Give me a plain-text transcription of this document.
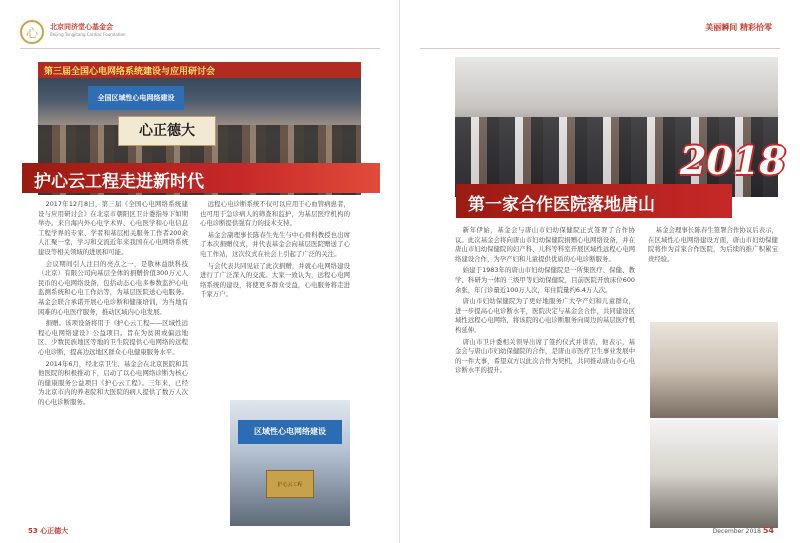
心	北京同济堂心基金会
Beijing Tongjitang Cardiac Foundation
第三届全国心电网络系统建设与应用研讨会
全国区域性心电网络建设
心正德大
护心云工程走进新时代

2017年12月8日，第三届《全国心电网络系统建设与应用研讨会》在北京市朝阳区卫计委指导下如期举办。来自海内外心电学术界、心电医学和心电信息工程学界的专家、学者和基层相关服务工作者200余人汇聚一堂，学习和交流近年来我国在心电网络系统建设等相关领域的进展和可能。

会议期间引人注目的亮点之一，是敬林益肤科技（北京）有限公司向基层全体的捐赠价值300万元人民币的心电网络设备，包括动态心电多参数监护心电监测系统和心电工作站等，为基层医院送心电服务。基金会联合承诺开展心电诊断和健康培训，为当地有困难的心电医疗服务，推动区域内心电发展。

捐赠。该项设备将用于《护心云工程——区域性远程心电网络建设》公益项目。旨在为贫困或偏远地区、少数民族地区等地的卫生院提供心电网络的远程心电诊断，提高边远地区群众心电健康服务水平。

2014年6月，经北京卫生、基金会在北京医院和其他医院的积极推动下，启动了以心电网络诊断为核心的健康服务公益项目《护心云工程》。三年来，已经为北京市内的养老院和大医院的病人提供了数万人次的心电诊断服务。

远程心电诊断系统不仅可以应用于心血管病患者，也可用于急诊病人的筛查和监护，为基层医疗机构的心电诊断提供强有力的技术支持。

基金会副理事长陈春生先生与中心骨科教授也出席了本次捐赠仪式，并代表基金会向基层医院赠送了心电工作站，这次仪式在社会上引起了广泛的关注。

与会代表共同见证了此次捐赠，并就心电网络建设进行了广泛深入的交流。大家一致认为，远程心电网络系统的建设，将使更多群众受益，心电服务将走进千家万户。

区域性心电网络建设
护心云工程
53 心正德大
美丽瞬间 精彩拾零
2018
第一家合作医院落地唐山

新年伊始，基金会与唐山市妇幼保健院正式签署了合作协议。此次基金会将向唐山市妇幼保健院捐赠心电网络设备，并在唐山市妇幼保健院的妇产科、儿科等科室开展区域性远程心电网络建设合作，为孕产妇和儿童提供优质的心电诊断服务。

始建于1983年的唐山市妇幼保健院是一所集医疗、保健、教学、科研为一体的三级甲等妇幼保健院，目前医院开放床位600余张，年门诊量近100万人次，年住院量约6.4万人次。

唐山市妇幼保健院为了更好地服务广大孕产妇和儿童群众，进一步提高心电诊断水平，医院决定与基金会合作，共同建设区域性远程心电网络，将该院的心电诊断服务向周边的基层医疗机构延伸。

唐山市卫计委相关领导出席了签约仪式并讲话，他表示，基金会与唐山市妇幼保健院的合作，是唐山市医疗卫生事业发展中的一件大事，希望双方以此次合作为契机，共同推动唐山市心电诊断水平的提升。

基金会理事长陈春生签署合作协议后表示，在区域性心电网络建设方面，唐山市妇幼保健院将作为首家合作医院，为后续的推广积累宝贵经验。

December 2018 54
